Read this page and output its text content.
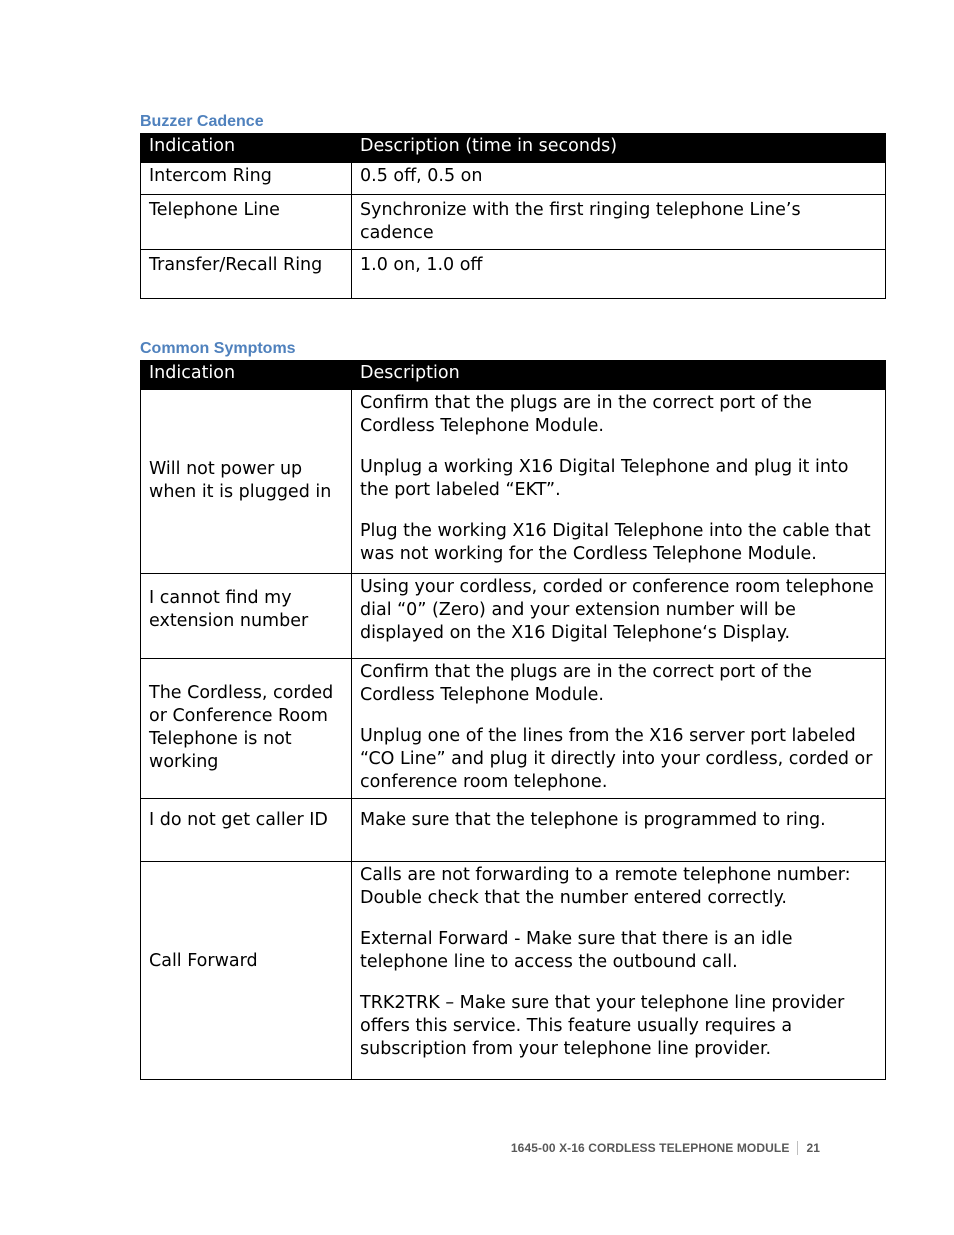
Buzzer Cadence
Indication	Description (time in seconds)
Intercom Ring	0.5 off, 0.5 on
Telephone Line	Synchronize with the first ringing telephone Line’s cadence
Transfer/Recall Ring	1.0 on, 1.0 off
Common Symptoms
Indication	Description
Will not power up when it is plugged in	Confirm that the plugs are in the correct port of the Cordless Telephone Module.

Unplug a working X16 Digital Telephone and plug it into the port labeled “EKT”.

Plug the working X16 Digital Telephone into the cable that was not working for the Cordless Telephone Module.

I cannot find my extension number	Using your cordless, corded or conference room telephone dial “0” (Zero) and your extension number will be displayed on the X16 Digital Telephone‘s Display.

The Cordless, corded or Conference Room Telephone is not working	Confirm that the plugs are in the correct port of the Cordless Telephone Module.

Unplug one of the lines from the X16 server port labeled “CO Line” and plug it directly into your cordless, corded or conference room telephone.

I do not get caller ID	Make sure that the telephone is programmed to ring.

Call Forward	Calls are not forwarding to a remote telephone number: Double check that the number entered correctly.

External Forward - Make sure that there is an idle telephone line to access the outbound call.

TRK2TRK – Make sure that your telephone line provider offers this service. This feature usually requires a subscription from your telephone line provider.

1645-00 X-16 CORDLESS TELEPHONE MODULE 21
